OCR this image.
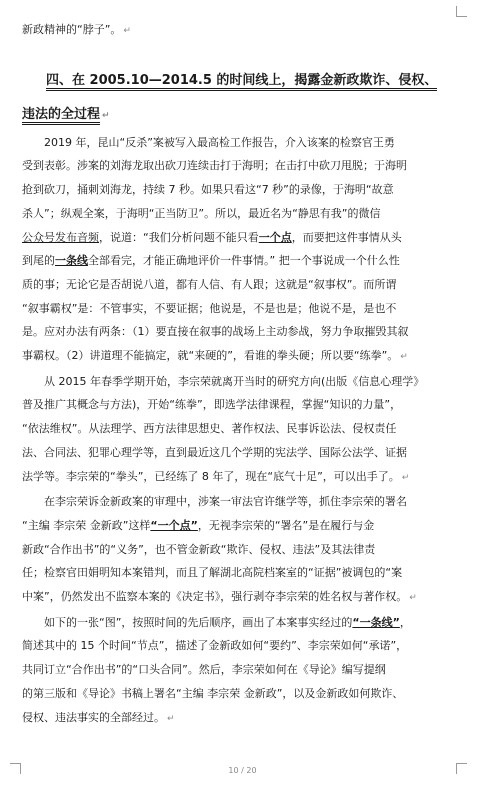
新政精神的“脖子”。 ↵
四、在 2005.10—2014.5 的时间线上，揭露金新政欺诈、侵权、
违法的全过程 ↵
2019 年，昆山“反杀”案被写入最高检工作报告，介入该案的检察官王勇
受到表彰。涉案的刘海龙取出砍刀连续击打于海明；在击打中砍刀甩脱；于海明
抢到砍刀，捅刺刘海龙，持续 7 秒。如果只看这“7 秒”的录像，于海明“故意
杀人”；纵观全案，于海明“正当防卫”。所以，最近名为“静思有我”的微信
公众号发布音频，说道：“我们分析问题不能只看一个点，而要把这件事情从头
到尾的一条线全部看完，才能正确地评价一件事情。” 把一个事说成一个什么性
质的事；无论它是否胡说八道，都有人信、有人跟；这就是“叙事权”。而所谓
“叙事霸权”是：不管事实，不要证据；他说是，不是也是；他说不是，是也不
是。应对办法有两条：（1）要直接在叙事的战场上主动参战，努力争取摧毁其叙
事霸权。（2）讲道理不能搞定，就“来硬的”，看谁的拳头硬；所以要“练拳”。 ↵
从 2015 年春季学期开始，李宗荣就离开当时的研究方向(出版《信息心理学》
普及推广其概念与方法)，开始“练拳”，即选学法律课程，掌握“知识的力量”，
“依法维权”。从法理学、西方法律思想史、著作权法、民事诉讼法、侵权责任
法、合同法、犯罪心理学等，直到最近这几个学期的宪法学、国际公法学、证据
法学等。李宗荣的“拳头”，已经练了 8 年了，现在“底气十足”，可以出手了。 ↵
在李宗荣诉金新政案的审理中，涉案一审法官许继学等，抓住李宗荣的署名
“主编 李宗荣 金新政”这样“一个点”，无视李宗荣的“署名”是在履行与金
新政“合作出书”的“义务”，也不管金新政“欺诈、侵权、违法”及其法律责
任；检察官田娟明知本案错判，而且了解湖北高院档案室的“证据”被调包的“案
中案”，仍然发出不监察本案的《决定书》，强行剥夺李宗荣的姓名权与著作权。 ↵
如下的一张“图”，按照时间的先后顺序，画出了本案事实经过的“一条线”，
简述其中的 15 个时间“节点”，描述了金新政如何“要约”、李宗荣如何“承诺”，
共同订立“合作出书”的“口头合同”。然后，李宗荣如何在《导论》编写提纲
的第三版和《导论》书稿上署名“主编 李宗荣 金新政”，以及金新政如何欺诈、
侵权、违法事实的全部经过。 ↵
10 / 20
